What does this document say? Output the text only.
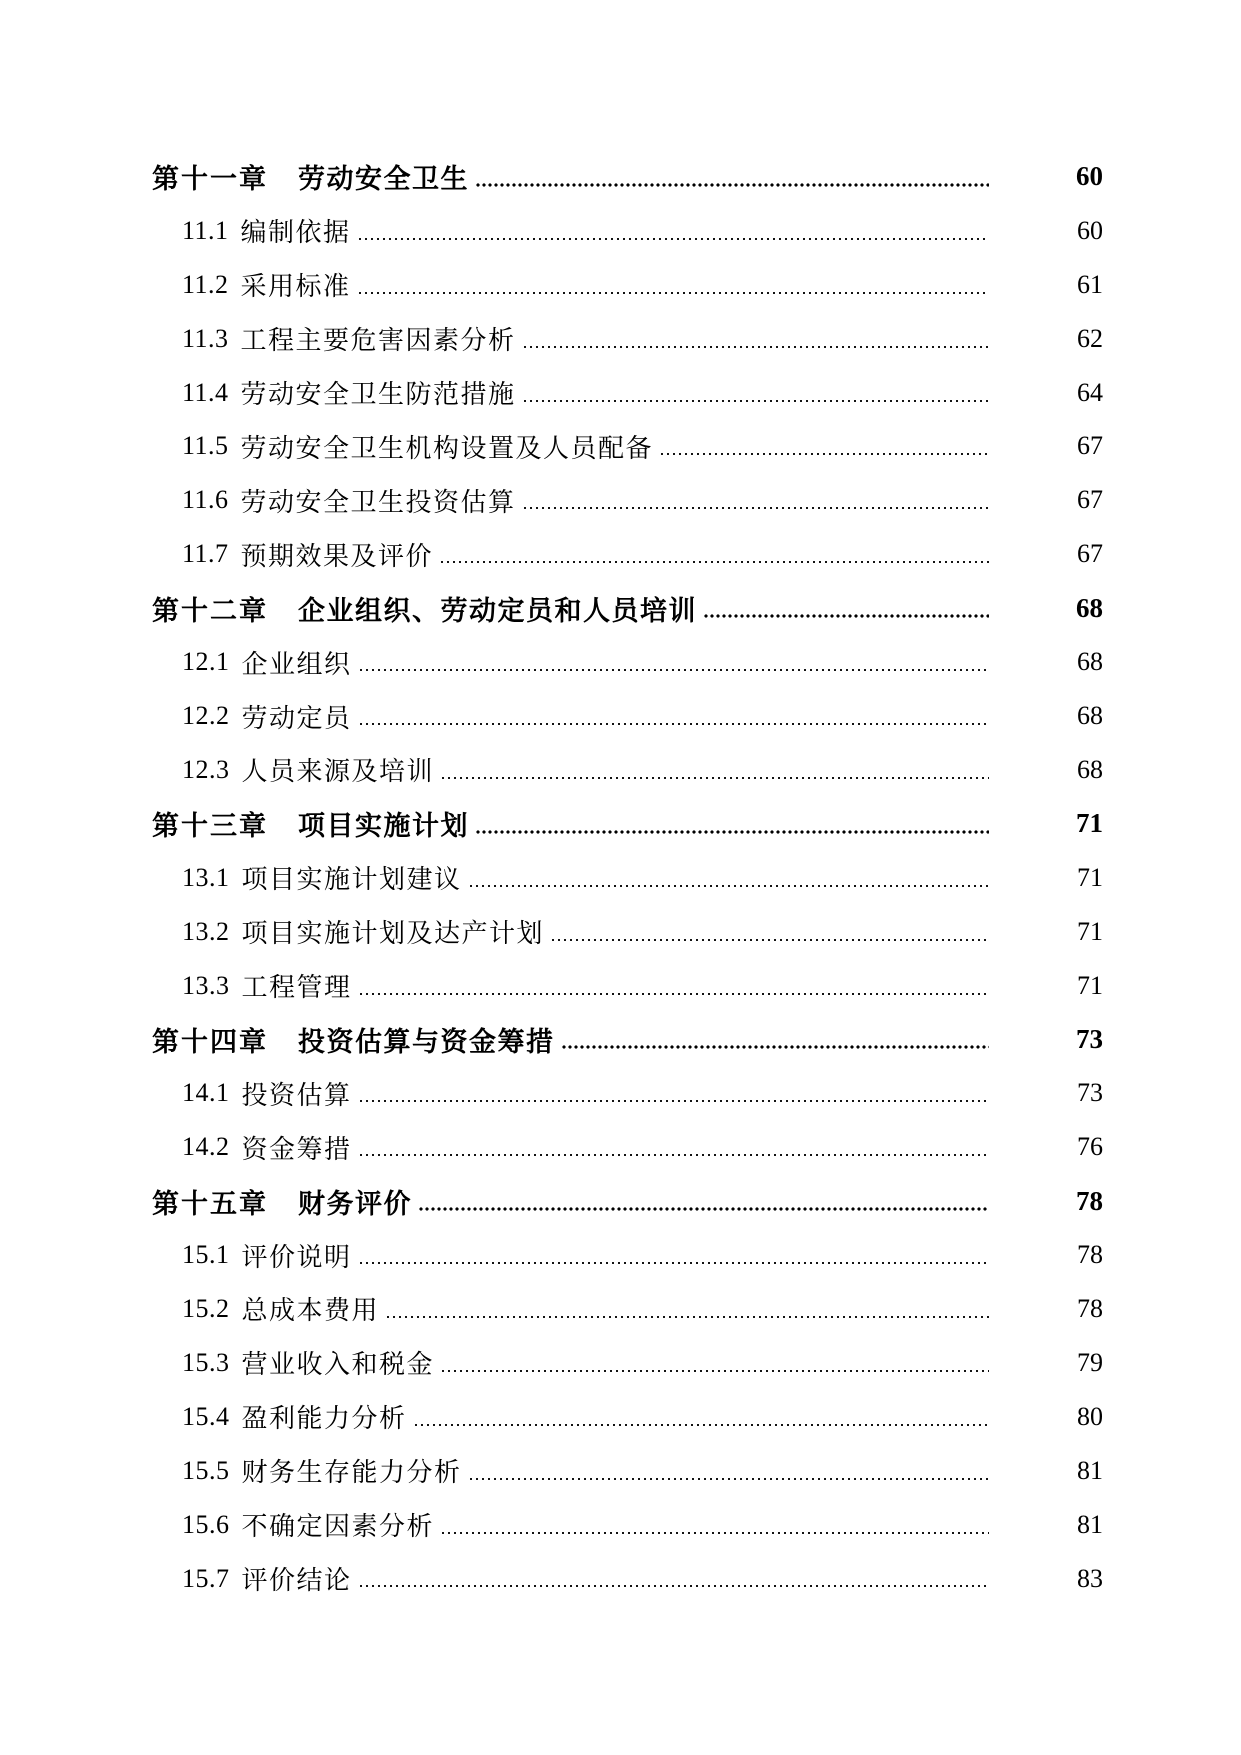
第十一章 劳动安全卫生	60
11.1 编制依据	60
11.2 采用标准	61
11.3 工程主要危害因素分析	62
11.4 劳动安全卫生防范措施	64
11.5 劳动安全卫生机构设置及人员配备	67
11.6 劳动安全卫生投资估算	67
11.7 预期效果及评价	67
第十二章 企业组织、劳动定员和人员培训	68
12.1 企业组织	68
12.2 劳动定员	68
12.3 人员来源及培训	68
第十三章 项目实施计划	71
13.1 项目实施计划建议	71
13.2 项目实施计划及达产计划	71
13.3 工程管理	71
第十四章 投资估算与资金筹措	73
14.1 投资估算	73
14.2 资金筹措	76
第十五章 财务评价	78
15.1 评价说明	78
15.2 总成本费用	78
15.3 营业收入和税金	79
15.4 盈利能力分析	80
15.5 财务生存能力分析	81
15.6 不确定因素分析	81
15.7 评价结论	83
